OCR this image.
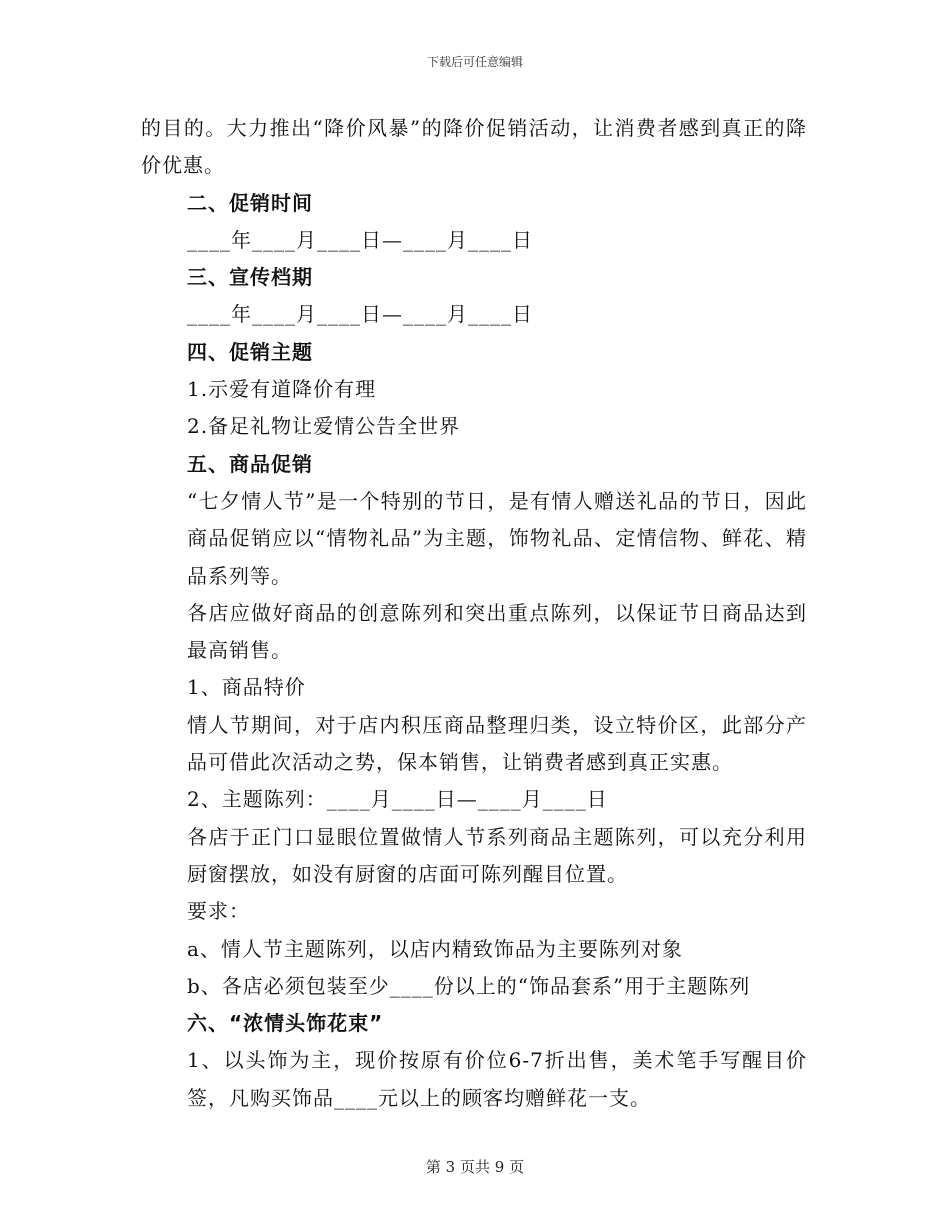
下载后可任意编辑

的目的。大力推出“降价风暴”的降价促销活动，让消费者感到真正的降价优惠。

二、促销时间

____年____月____日—____月____日

三、宣传档期

____年____月____日—____月____日

四、促销主题

1.示爱有道降价有理

2.备足礼物让爱情公告全世界

五、商品促销

“七夕情人节”是一个特别的节日，是有情人赠送礼品的节日，因此商品促销应以“情物礼品”为主题，饰物礼品、定情信物、鲜花、精品系列等。

各店应做好商品的创意陈列和突出重点陈列，以保证节日商品达到最高销售。

1、商品特价

情人节期间，对于店内积压商品整理归类，设立特价区，此部分产品可借此次活动之势，保本销售，让销费者感到真正实惠。

2、主题陈列：____月____日—____月____日

各店于正门口显眼位置做情人节系列商品主题陈列，可以充分利用厨窗摆放，如没有厨窗的店面可陈列醒目位置。

要求：

a、情人节主题陈列，以店内精致饰品为主要陈列对象

b、各店必须包装至少____份以上的“饰品套系”用于主题陈列

六、“浓情头饰花束”

1、以头饰为主，现价按原有价位6-7折出售，美术笔手写醒目价签，凡购买饰品____元以上的顾客均赠鲜花一支。

第 3 页共 9 页
